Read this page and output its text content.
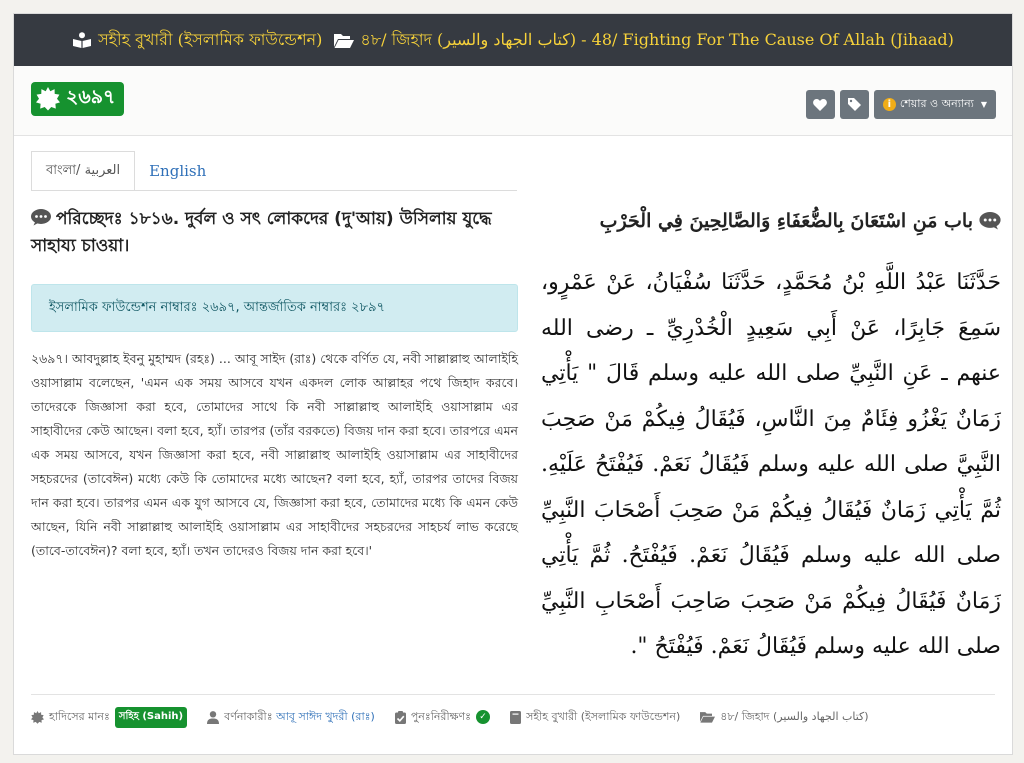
সহীহ বুখারী (ইসলামিক ফাউন্ডেশন) ৪৮/ জিহাদ (كتاب الجهاد والسير) - 48/ Fighting For The Cause Of Allah (Jihaad)
২৬৯৭	i শেয়ার ও অন্যান্য ▼
বাংলা/ العربية	English
পরিচ্ছেদঃ ১৮১৬. দুর্বল ও সৎ লোকদের (দু'আয়) উসিলায় যুদ্ধে সাহায্য চাওয়া।
ইসলামিক ফাউন্ডেশন নাম্বারঃ ২৬৯৭, আন্তর্জাতিক নাম্বারঃ ২৮৯৭
২৬৯৭। আবদুল্লাহ ইবনু মুহাম্মদ (রহঃ) ... আবূ সাইদ (রাঃ) থেকে বর্ণিত যে, নবী সাল্লাল্লাহু আলাইহি ওয়াসাল্লাম বলেছেন, 'এমন এক সময় আসবে যখন একদল লোক আল্লাহর পথে জিহাদ করবে। তাদেরকে জিজ্ঞাসা করা হবে, তোমাদের সাথে কি নবী সাল্লাল্লাহু আলাইহি ওয়াসাল্লাম এর সাহাবীদের কেউ আছেন। বলা হবে, হ্যাঁ। তারপর (তাঁর বরকতে) বিজয় দান করা হবে। তারপরে এমন এক সময় আসবে, যখন জিজ্ঞাসা করা হবে, নবী সাল্লাল্লাহু আলাইহি ওয়াসাল্লাম এর সাহাবীদের সহচরদের (তাবেঈন) মধ্যে কেউ কি তোমাদের মধ্যে আছেন? বলা হবে, হ্যাঁ, তারপর তাদের বিজয় দান করা হবে। তারপর এমন এক যুগ আসবে যে, জিজ্ঞাসা করা হবে, তোমাদের মধ্যে কি এমন কেউ আছেন, যিনি নবী সাল্লাল্লাহু আলাইহি ওয়াসাল্লাম এর সাহাবীদের সহচরদের সাহচর্য লাভ করেছে (তাবে-তাবেঈন)? বলা হবে, হ্যাঁ। তখন তাদেরও বিজয় দান করা হবে।'
باب مَنِ اسْتَعَانَ بِالضُّعَفَاءِ وَالصَّالِحِينَ فِي الْحَرْبِ
حَدَّثَنَا عَبْدُ اللَّهِ بْنُ مُحَمَّدٍ، حَدَّثَنَا سُفْيَانُ، عَنْ عَمْرٍو، سَمِعَ جَابِرًا، عَنْ أَبِي سَعِيدٍ الْخُدْرِيِّ ـ رضى الله عنهم ـ عَنِ النَّبِيِّ صلى الله عليه وسلم قَالَ " يَأْتِي زَمَانٌ يَغْزُو فِئَامٌ مِنَ النَّاسِ، فَيُقَالُ فِيكُمْ مَنْ صَحِبَ النَّبِيَّ صلى الله عليه وسلم فَيُقَالُ نَعَمْ. فَيُفْتَحُ عَلَيْهِ. ثُمَّ يَأْتِي زَمَانٌ فَيُقَالُ فِيكُمْ مَنْ صَحِبَ أَصْحَابَ النَّبِيِّ صلى الله عليه وسلم فَيُقَالُ نَعَمْ. فَيُفْتَحُ. ثُمَّ يَأْتِي زَمَانٌ فَيُقَالُ فِيكُمْ مَنْ صَحِبَ صَاحِبَ أَصْحَابِ النَّبِيِّ صلى الله عليه وسلم فَيُقَالُ نَعَمْ. فَيُفْتَحُ ".
হাদিসের মানঃ সহিহ (Sahih)	বর্ণনাকারীঃ
আবূ সাঈদ খুদরী (রাঃ)	পুনঃনিরীক্ষণঃ ✓	সহীহ বুখারী (ইসলামিক ফাউন্ডেশন)	৪৮/ জিহাদ (كتاب الجهاد والسير)
